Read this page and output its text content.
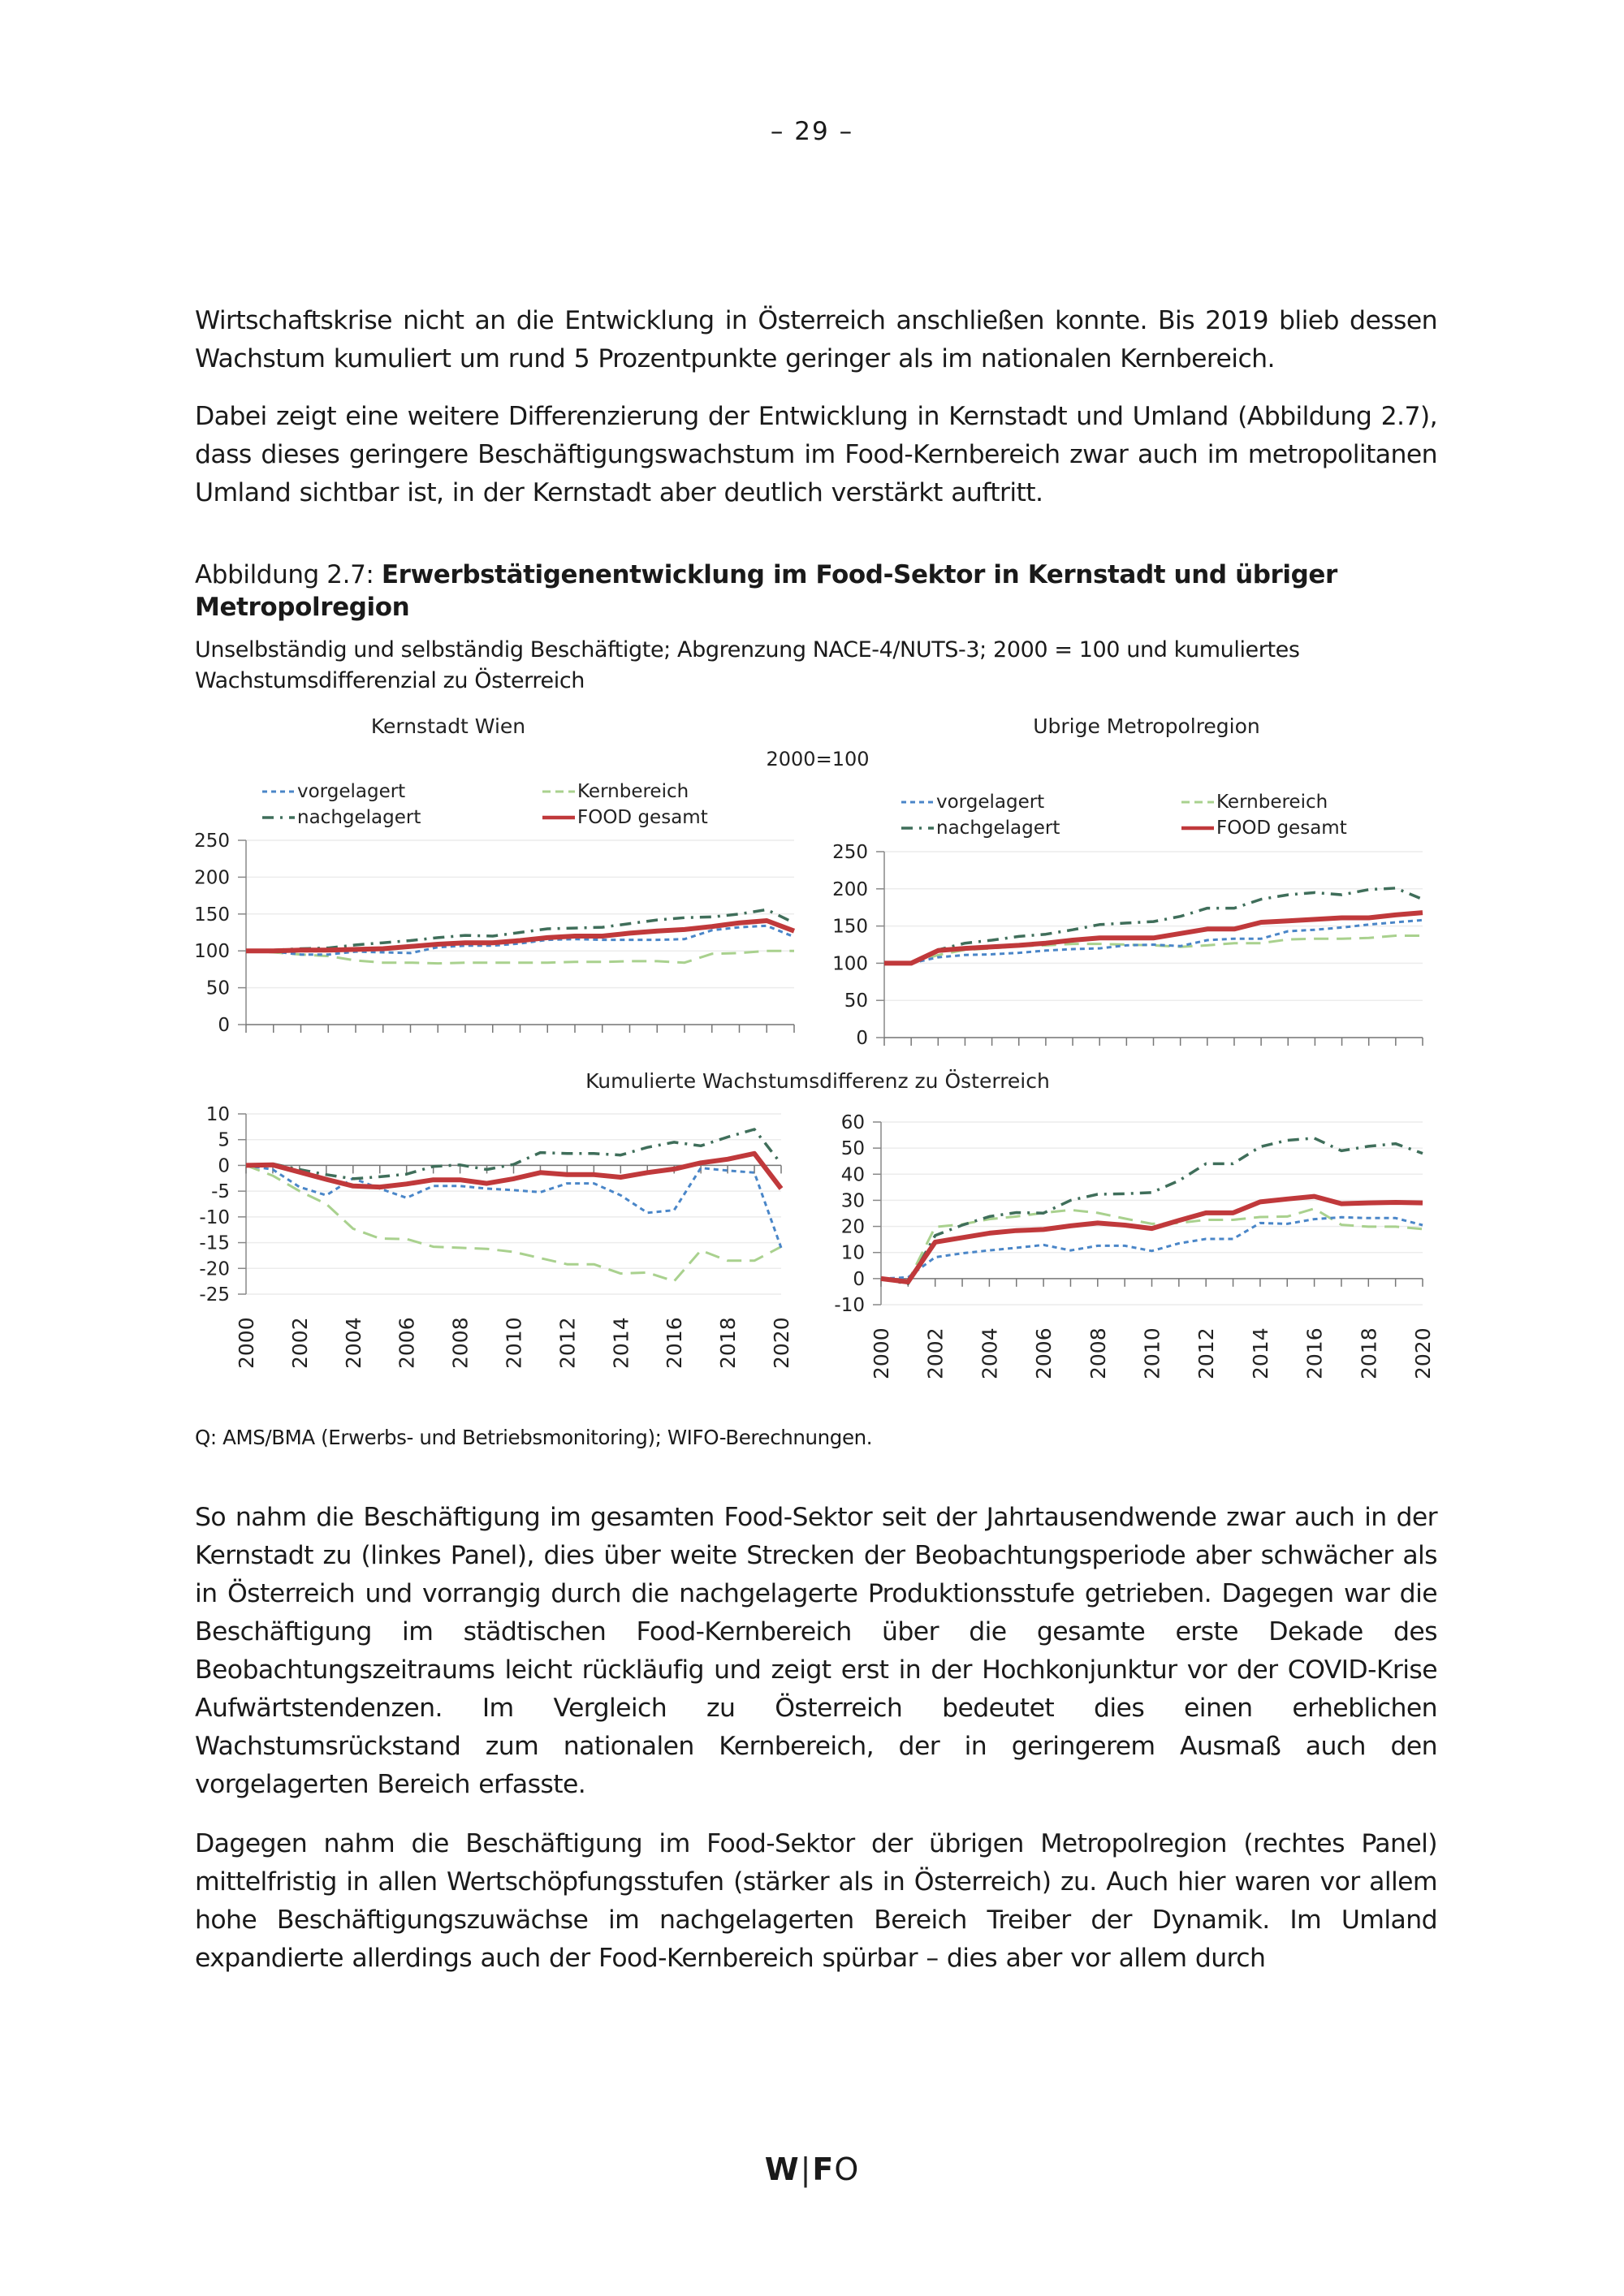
– 29 –

Wirtschaftskrise nicht an die Entwicklung in Österreich anschließen konnte. Bis 2019 blieb dessen Wachstum kumuliert um rund 5 Prozentpunkte geringer als im nationalen Kernbereich.

Dabei zeigt eine weitere Differenzierung der Entwicklung in Kernstadt und Umland (Abbildung 2.7), dass dieses geringere Beschäftigungswachstum im Food-Kernbereich zwar auch im metropolitanen Umland sichtbar ist, in der Kernstadt aber deutlich verstärkt auftritt.

Abbildung 2.7: Erwerbstätigenentwicklung im Food-Sektor in Kernstadt und übriger Metropolregion
Unselbständig und selbständig Beschäftigte; Abgrenzung NACE-4/NUTS-3; 2000 = 100 und kumuliertes Wachstumsdifferenzial zu Österreich
0
50
100
150
200
250
vorgelagert
nachgelagert
Kernbereich
FOOD gesamt
0
50
100
150
200
250
vorgelagert
nachgelagert
Kernbereich
FOOD gesamt
-25
-20
-15
-10
-5
0
5
10
2000 2002 2004 2006 2008 2010 2012 2014 2016 2018 2020
-10
0
10
20
30
40
50
60
2000 2002 2004 2006 2008 2010 2012 2014 2016 2018 2020
Kernstadt Wien	Ubrige Metropolregion
2000=100
Kumulierte Wachstumsdifferenz zu Österreich
Q: AMS/BMA (Erwerbs- und Betriebsmonitoring); WIFO-Berechnungen.

So nahm die Beschäftigung im gesamten Food-Sektor seit der Jahrtausendwende zwar auch in der Kernstadt zu (linkes Panel), dies über weite Strecken der Beobachtungsperiode aber schwächer als in Österreich und vorrangig durch die nachgelagerte Produktionsstufe getrieben. Dagegen war die Beschäftigung im städtischen Food-Kernbereich über die gesamte erste Dekade des Beobachtungszeitraums leicht rückläufig und zeigt erst in der Hochkonjunktur vor der COVID-Krise Aufwärtstendenzen. Im Vergleich zu Österreich bedeutet dies einen erheblichen Wachstumsrückstand zum nationalen Kernbereich, der in geringerem Ausmaß auch den vorgelagerten Bereich erfasste.

Dagegen nahm die Beschäftigung im Food-Sektor der übrigen Metropolregion (rechtes Panel) mittelfristig in allen Wertschöpfungsstufen (stärker als in Österreich) zu. Auch hier waren vor allem hohe Beschäftigungszuwächse im nachgelagerten Bereich Treiber der Dynamik. Im Umland expandierte allerdings auch der Food-Kernbereich spürbar – dies aber vor allem durch

W|FO
